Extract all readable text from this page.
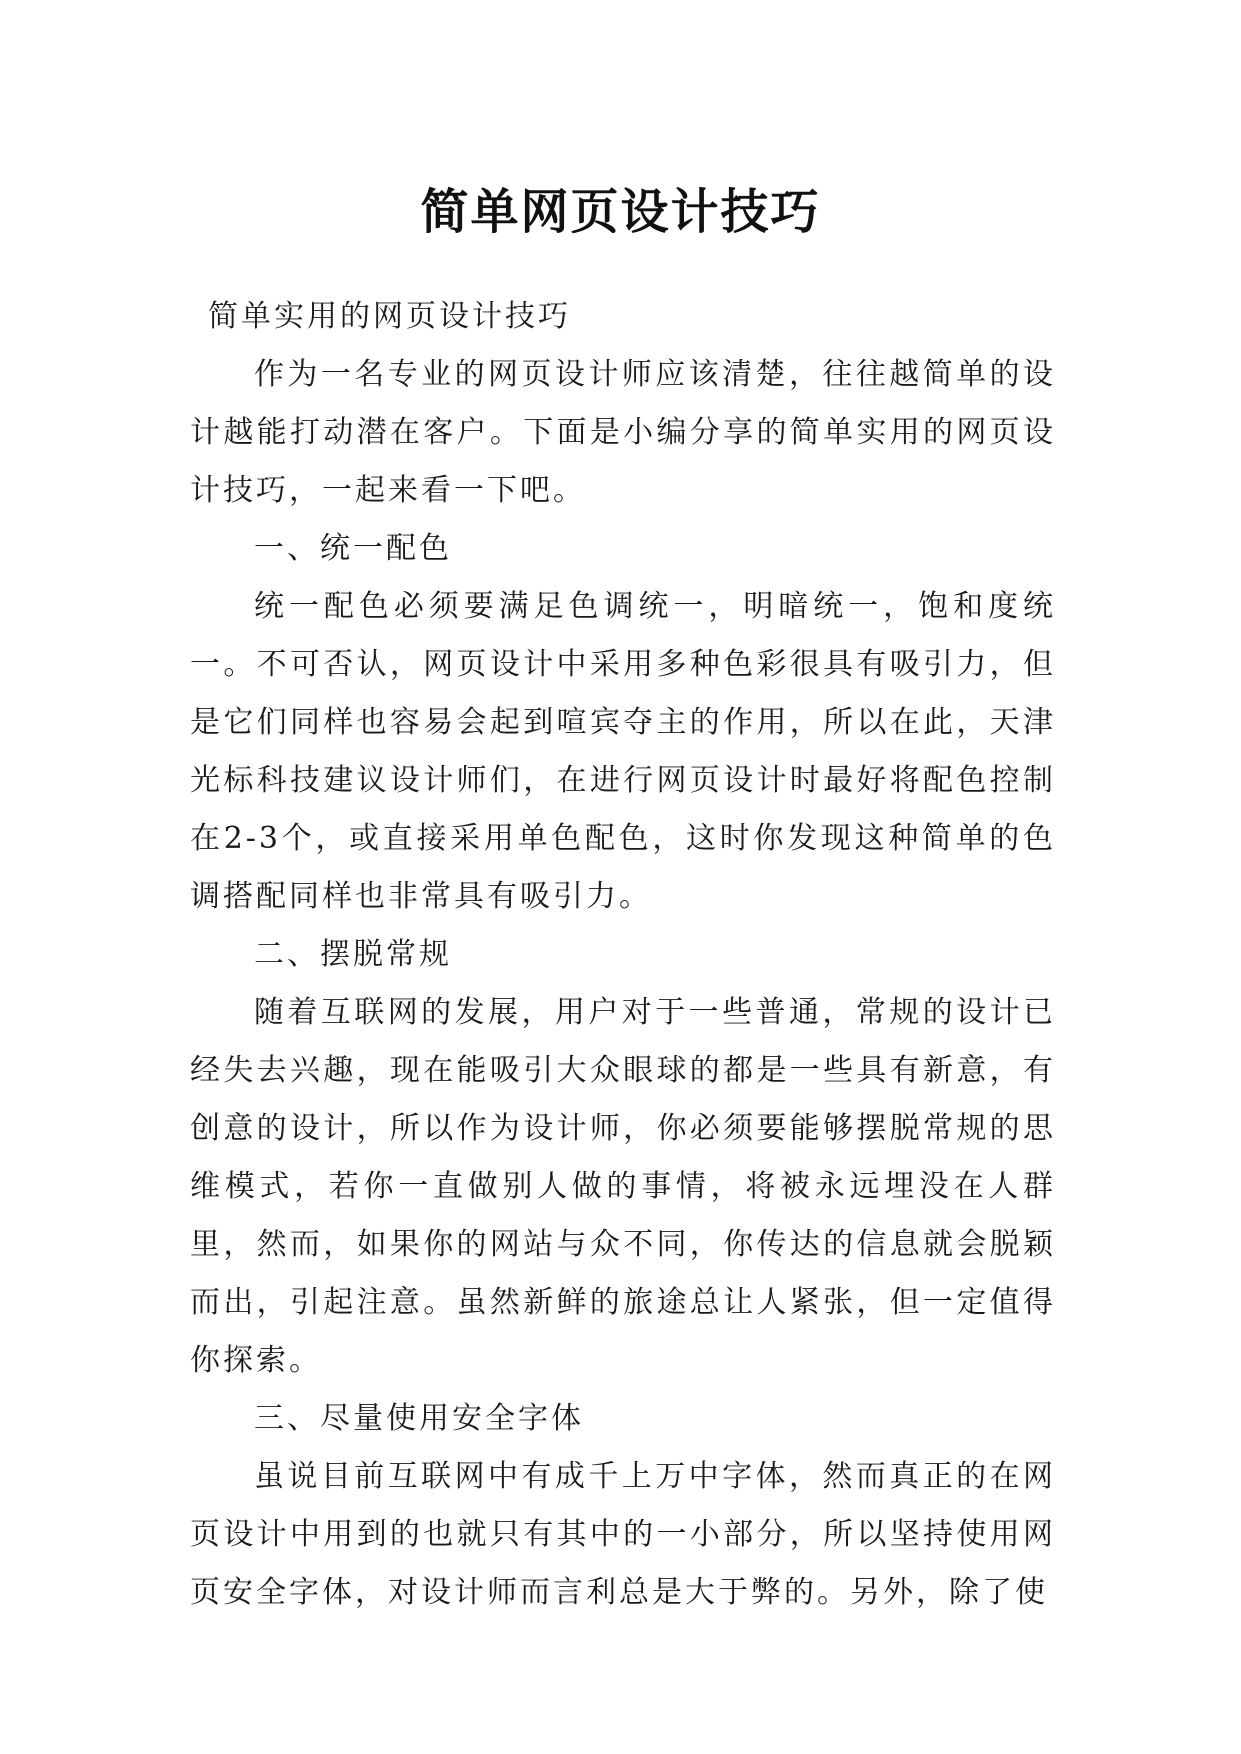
简单网页设计技巧

简单实用的网页设计技巧

作为一名专业的网页设计师应该清楚，往往越简单的设计越能打动潜在客户。下面是小编分享的简单实用的网页设计技巧，一起来看一下吧。

一、统一配色

统一配色必须要满足色调统一，明暗统一，饱和度统一。不可否认，网页设计中采用多种色彩很具有吸引力，但是它们同样也容易会起到喧宾夺主的作用，所以在此，天津光标科技建议设计师们，在进行网页设计时最好将配色控制在2-3个，或直接采用单色配色，这时你发现这种简单的色调搭配同样也非常具有吸引力。

二、摆脱常规

随着互联网的发展，用户对于一些普通，常规的设计已经失去兴趣，现在能吸引大众眼球的都是一些具有新意，有创意的设计，所以作为设计师，你必须要能够摆脱常规的思维模式，若你一直做别人做的事情，将被永远埋没在人群里，然而，如果你的网站与众不同，你传达的信息就会脱颖而出，引起注意。虽然新鲜的旅途总让人紧张，但一定值得你探索。

三、尽量使用安全字体

虽说目前互联网中有成千上万中字体，然而真正的在网页设计中用到的也就只有其中的一小部分，所以坚持使用网页安全字体，对设计师而言利总是大于弊的。另外，除了使
